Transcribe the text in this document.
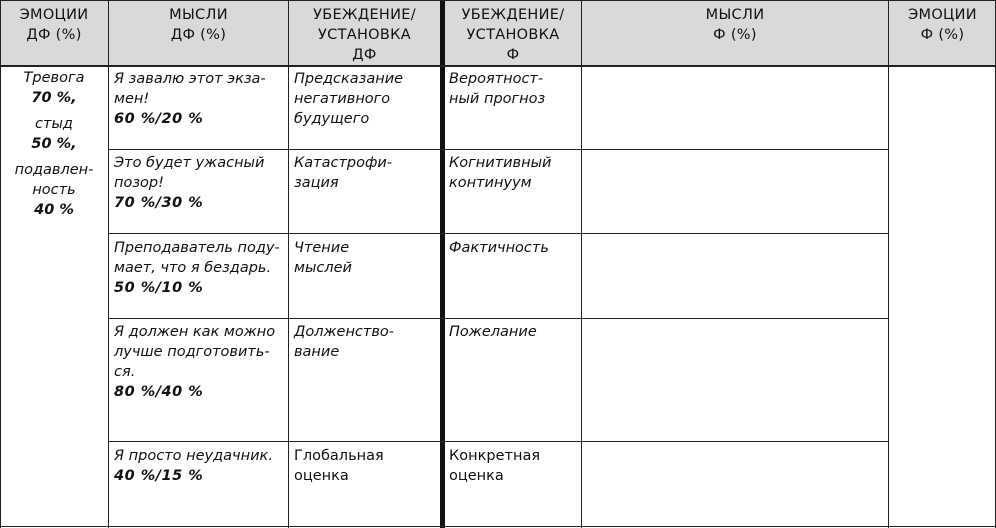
ЭМОЦИИ
ДФ (%)
МЫСЛИ
ДФ (%)
УБЕЖДЕНИЕ/
УСТАНОВКА
ДФ
УБЕЖДЕНИЕ/
УСТАНОВКА
Ф
МЫСЛИ
Ф (%)
ЭМОЦИИ
Ф (%)
Тревога
70 %,
стыд
50 %,
подавлен-
ность
40 %
Я завалю этот экза-
мен!
60 %/20 %
Предсказание
негативного
будущего
Вероятност-
ный прогноз
Это будет ужасный
позор!
70 %/30 %
Катастрофи-
зация
Когнитивный
континуум
Преподаватель поду-
мает, что я бездарь.
50 %/10 %
Чтение
мыслей
Фактичность
Я должен как можно
лучше подготовить-
ся.
80 %/40 %
Долженство-
вание
Пожелание
Я просто неудачник.
40 %/15 %
Глобальная
оценка
Конкретная
оценка
